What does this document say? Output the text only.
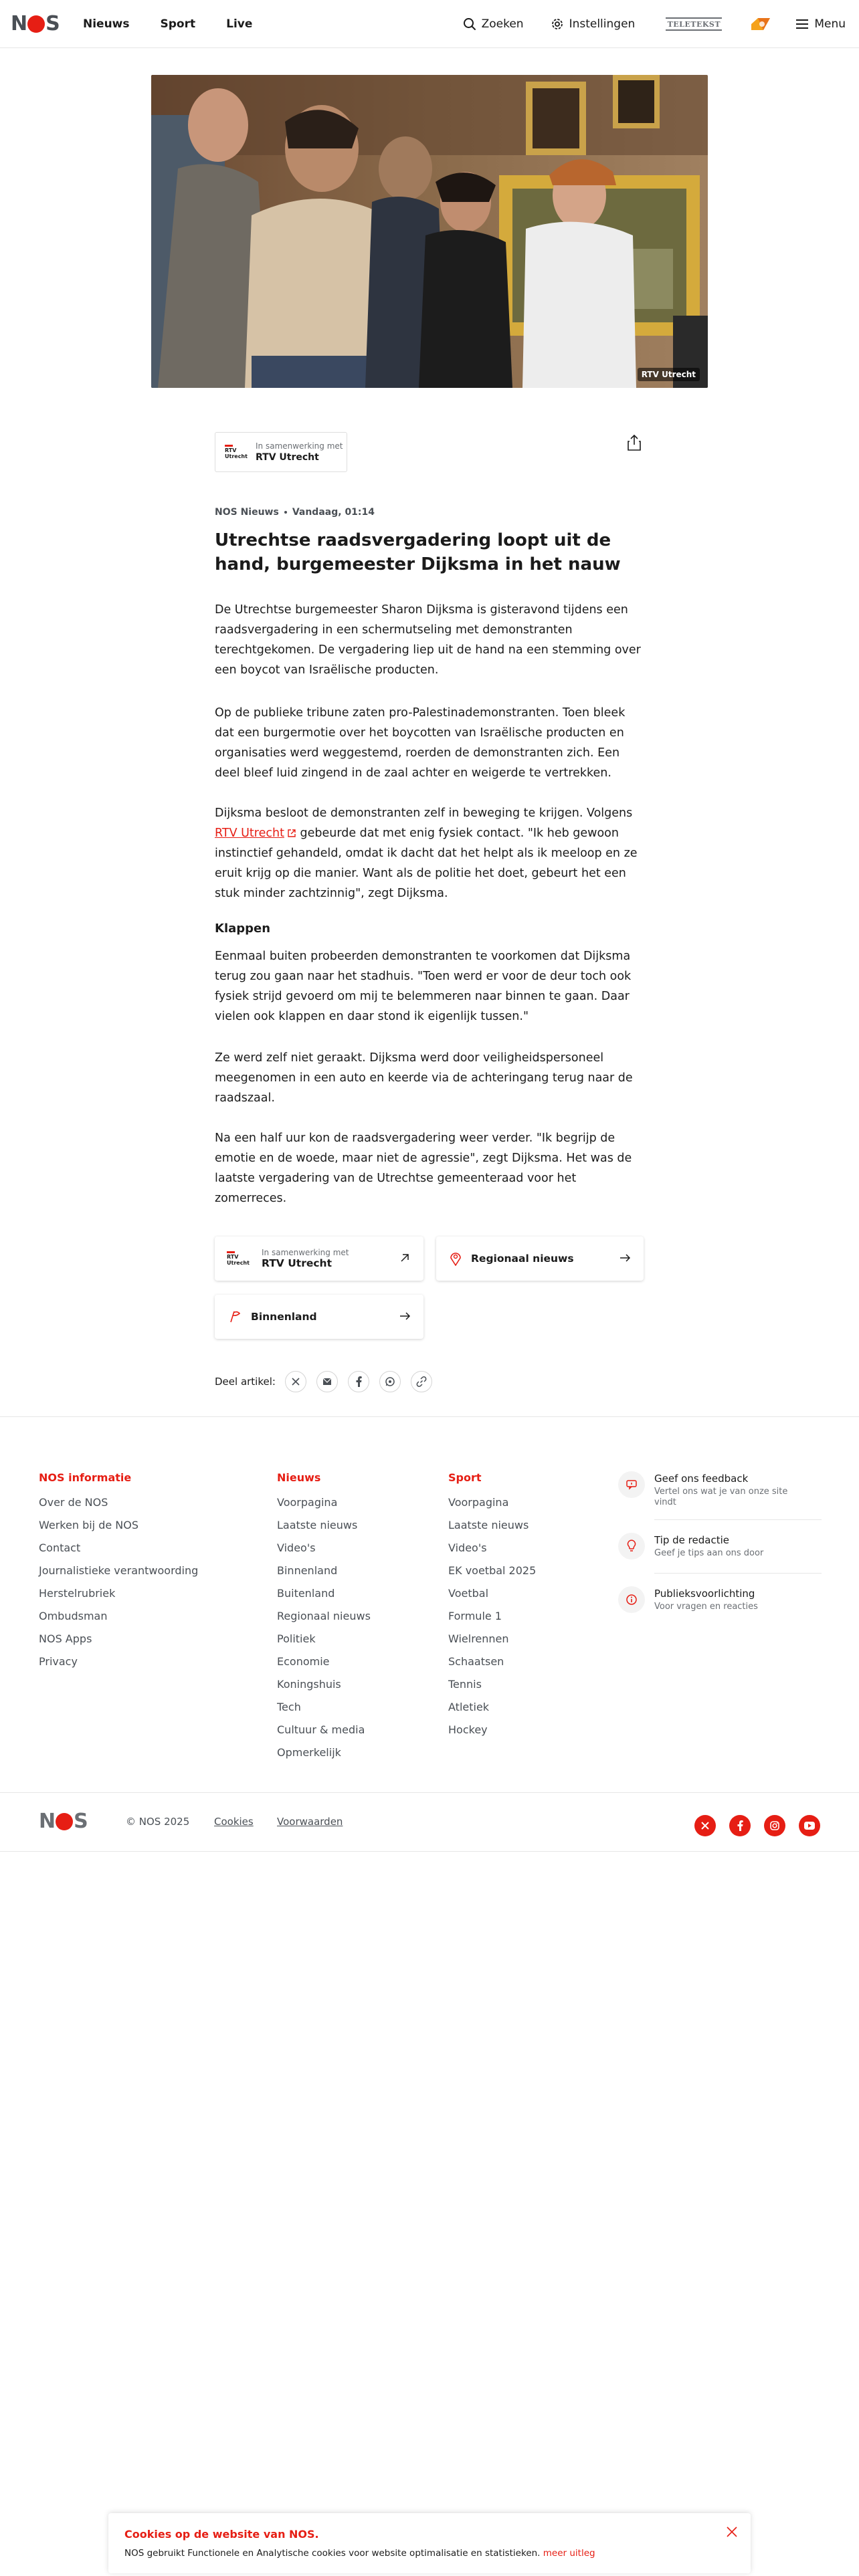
N S Nieuws	Sport	Live	Zoeken	Instellingen	TELETEKST	Menu
RTV Utrecht
RTV
Utrecht
In samenwerking met
RTV Utrecht
NOS Nieuws Vandaag, 01:14
Utrechtse raadsvergadering loopt uit de hand, burgemeester Dijksma in het nauw

De Utrechtse burgemeester Sharon Dijksma is gisteravond tijdens een raadsvergadering in een schermutseling met demonstranten terechtgekomen. De vergadering liep uit de hand na een stemming over een boycot van Israëlische producten.

Op de publieke tribune zaten pro-Palestinademonstranten. Toen bleek dat een burgermotie over het boycotten van Israëlische producten en organisaties werd weggestemd, roerden de demonstranten zich. Een deel bleef luid zingend in de zaal achter en weigerde te vertrekken.

Dijksma besloot de demonstranten zelf in beweging te krijgen. Volgens RTV Utrecht
gebeurde dat met enig fysiek contact. "Ik heb gewoon instinctief gehandeld, omdat ik dacht dat het helpt als ik meeloop en ze eruit krijg op die manier. Want als de politie het doet, gebeurt het een stuk minder zachtzinnig", zegt Dijksma.

Klappen

Eenmaal buiten probeerden demonstranten te voorkomen dat Dijksma terug zou gaan naar het stadhuis. "Toen werd er voor de deur toch ook fysiek strijd gevoerd om mij te belemmeren naar binnen te gaan. Daar vielen ook klappen en daar stond ik eigenlijk tussen."

Ze werd zelf niet geraakt. Dijksma werd door veiligheidspersoneel meegenomen in een auto en keerde via de achteringang terug naar de raadszaal.

Na een half uur kon de raadsvergadering weer verder. "Ik begrijp de emotie en de woede, maar niet de agressie", zegt Dijksma. Het was de laatste vergadering van de Utrechtse gemeenteraad voor het zomerreces.

RTV
Utrecht
In samenwerking met
RTV Utrecht	Regionaal nieuws
Binnenland
Deel artikel:
NOS informatie
Over de NOS
Werken bij de NOS
Contact
Journalistieke verantwoording
Herstelrubriek
Ombudsman
NOS Apps
Privacy
Nieuws
Voorpagina
Laatste nieuws
Video's
Binnenland
Buitenland
Regionaal nieuws
Politiek
Economie
Koningshuis
Tech
Cultuur & media
Opmerkelijk
Sport
Voorpagina
Laatste nieuws
Video's
EK voetbal 2025
Voetbal
Formule 1
Wielrennen
Schaatsen
Tennis
Atletiek
Hockey
Geef ons feedback
Vertel ons wat je van onze site vindt
Tip de redactie
Geef je tips aan ons door
Publieksvoorlichting
Voor vragen en reacties
N S	© NOS 2025 Cookies Voorwaarden
Cookies op de website van NOS.
NOS gebruikt Functionele en Analytische cookies voor website optimalisatie en statistieken. meer uitleg
